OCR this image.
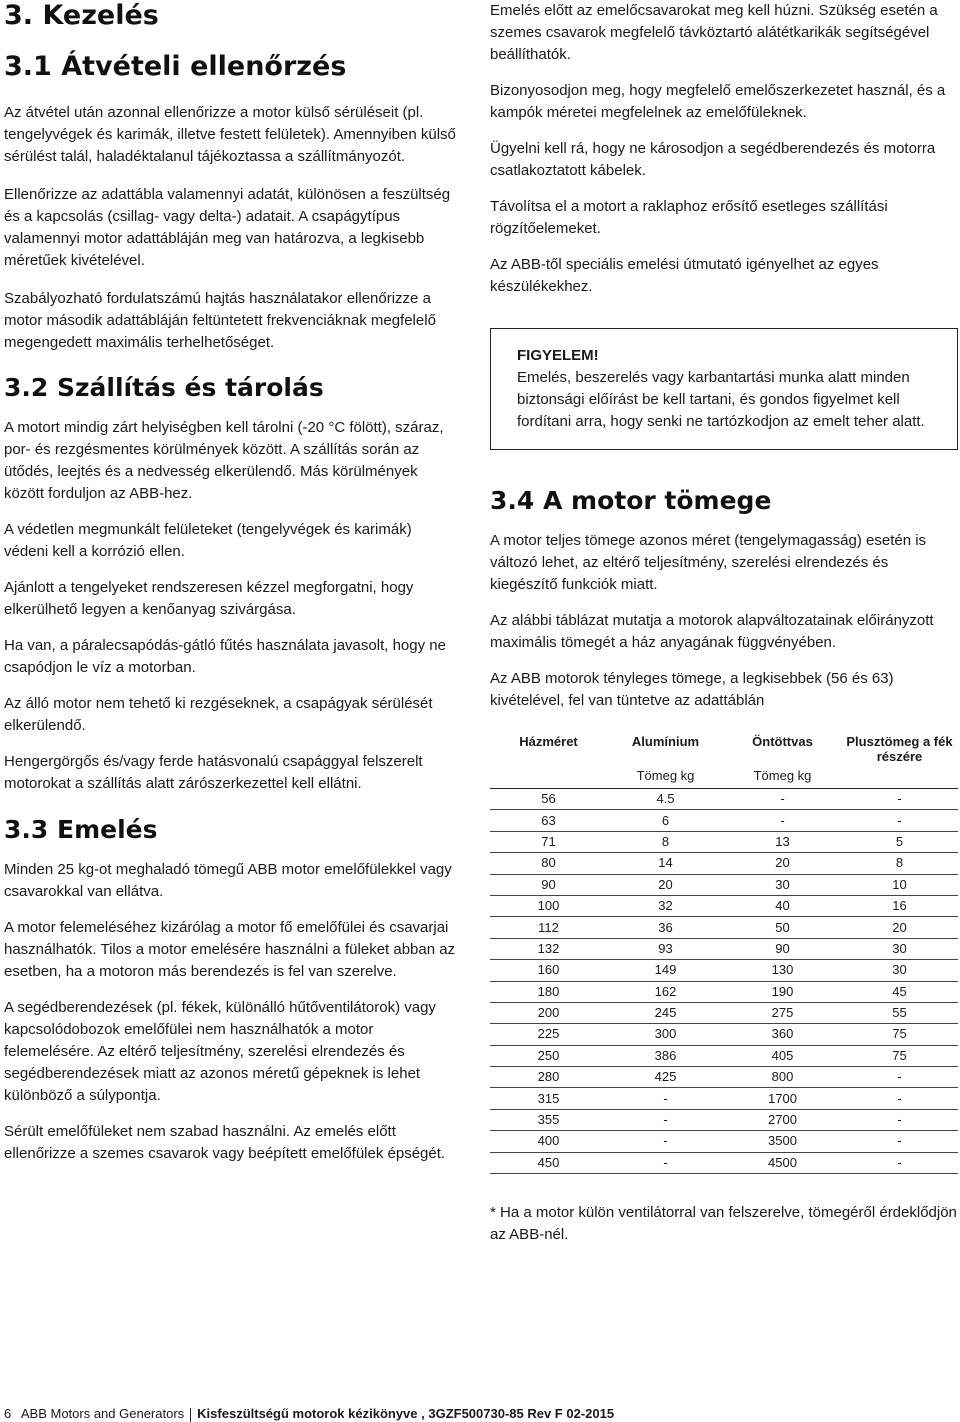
3. Kezelés
3.1 Átvételi ellenőrzés

Az átvétel után azonnal ellenőrizze a motor külső sérüléseit (pl. tengelyvégek és karimák, illetve festett felületek). Amennyiben külső sérülést talál, haladéktalanul tájékoztassa a szállítmányozót.

Ellenőrizze az adattábla valamennyi adatát, különösen a feszültség és a kapcsolás (csillag- vagy delta-) adatait. A csapágytípus valamennyi motor adattábláján meg van határozva, a legkisebb méretűek kivételével.

Szabályozható fordulatszámú hajtás használatakor ellenőrizze a motor második adattábláján feltüntetett frekvenciáknak megfelelő megengedett maximális terhelhetőséget.

3.2 Szállítás és tárolás

A motort mindig zárt helyiségben kell tárolni (-20 °C fölött), száraz, por- és rezgésmentes körülmények között. A szállítás során az ütődés, leejtés és a nedvesség elkerülendő. Más körülmények között forduljon az ABB-hez.

A védetlen megmunkált felületeket (tengelyvégek és karimák) védeni kell a korrózió ellen.

Ajánlott a tengelyeket rendszeresen kézzel megforgatni, hogy elkerülhető legyen a kenőanyag szivárgása.

Ha van, a páralecsapódás-gátló fűtés használata javasolt, hogy ne csapódjon le víz a motorban.

Az álló motor nem tehető ki rezgéseknek, a csapágyak sérülését elkerülendő.

Hengergörgős és/vagy ferde hatásvonalú csapággyal felszerelt motorokat a szállítás alatt zárószerkezettel kell ellátni.

3.3 Emelés

Minden 25 kg-ot meghaladó tömegű ABB motor emelőfülekkel vagy csavarokkal van ellátva.

A motor felemeléséhez kizárólag a motor fő emelőfülei és csavarjai használhatók. Tilos a motor emelésére használni a füleket abban az esetben, ha a motoron más berendezés is fel van szerelve.

A segédberendezések (pl. fékek, különálló hűtőventilátorok) vagy kapcsolódobozok emelőfülei nem használhatók a motor felemelésére. Az eltérő teljesítmény, szerelési elrendezés és segédberendezések miatt az azonos méretű gépeknek is lehet különböző a súlypontja.

Sérült emelőfüleket nem szabad használni. Az emelés előtt ellenőrizze a szemes csavarok vagy beépített emelőfülek épségét.

Emelés előtt az emelőcsavarokat meg kell húzni. Szükség esetén a szemes csavarok megfelelő távköztartó alátétkarikák segítségével beállíthatók.

Bizonyosodjon meg, hogy megfelelő emelőszerkezetet használ, és a kampók méretei megfelelnek az emelőfüleknek.

Ügyelni kell rá, hogy ne károsodjon a segédberendezés és motorra csatlakoztatott kábelek.

Távolítsa el a motort a raklaphoz erősítő esetleges szállítási rögzítőelemeket.

Az ABB-től speciális emelési útmutató igényelhet az egyes készülékekhez.

FIGYELEM!
Emelés, beszerelés vagy karbantartási munka alatt minden biztonsági előírást be kell tartani, és gondos figyelmet kell fordítani arra, hogy senki ne tartózkodjon az emelt teher alatt.
3.4 A motor tömege

A motor teljes tömege azonos méret (tengelymagasság) esetén is változó lehet, az eltérő teljesítmény, szerelési elrendezés és kiegészítő funkciók miatt.

Az alábbi táblázat mutatja a motorok alapváltozatainak előirányzott maximális tömegét a ház anyagának függvényében.

Az ABB motorok tényleges tömege, a legkisebbek (56 és 63) kivételével, fel van tüntetve az adattáblán

Házméret	Alumínium	Öntöttvas	Plusztömeg a fék részére
	Tömeg kg	Tömeg kg	
56	4.5	-	-
63	6	-	-
71	8	13	5
80	14	20	8
90	20	30	10
100	32	40	16
112	36	50	20
132	93	90	30
160	149	130	30
180	162	190	45
200	245	275	55
225	300	360	75
250	386	405	75
280	425	800	-
315	-	1700	-
355	-	2700	-
400	-	3500	-
450	-	4500	-

* Ha a motor külön ventilátorral van felszerelve, tömegéről érdeklődjön az ABB-nél.

6 ABB Motors and Generators Kisfeszültségű motorok kézikönyve , 3GZF500730-85 Rev F 02-2015
